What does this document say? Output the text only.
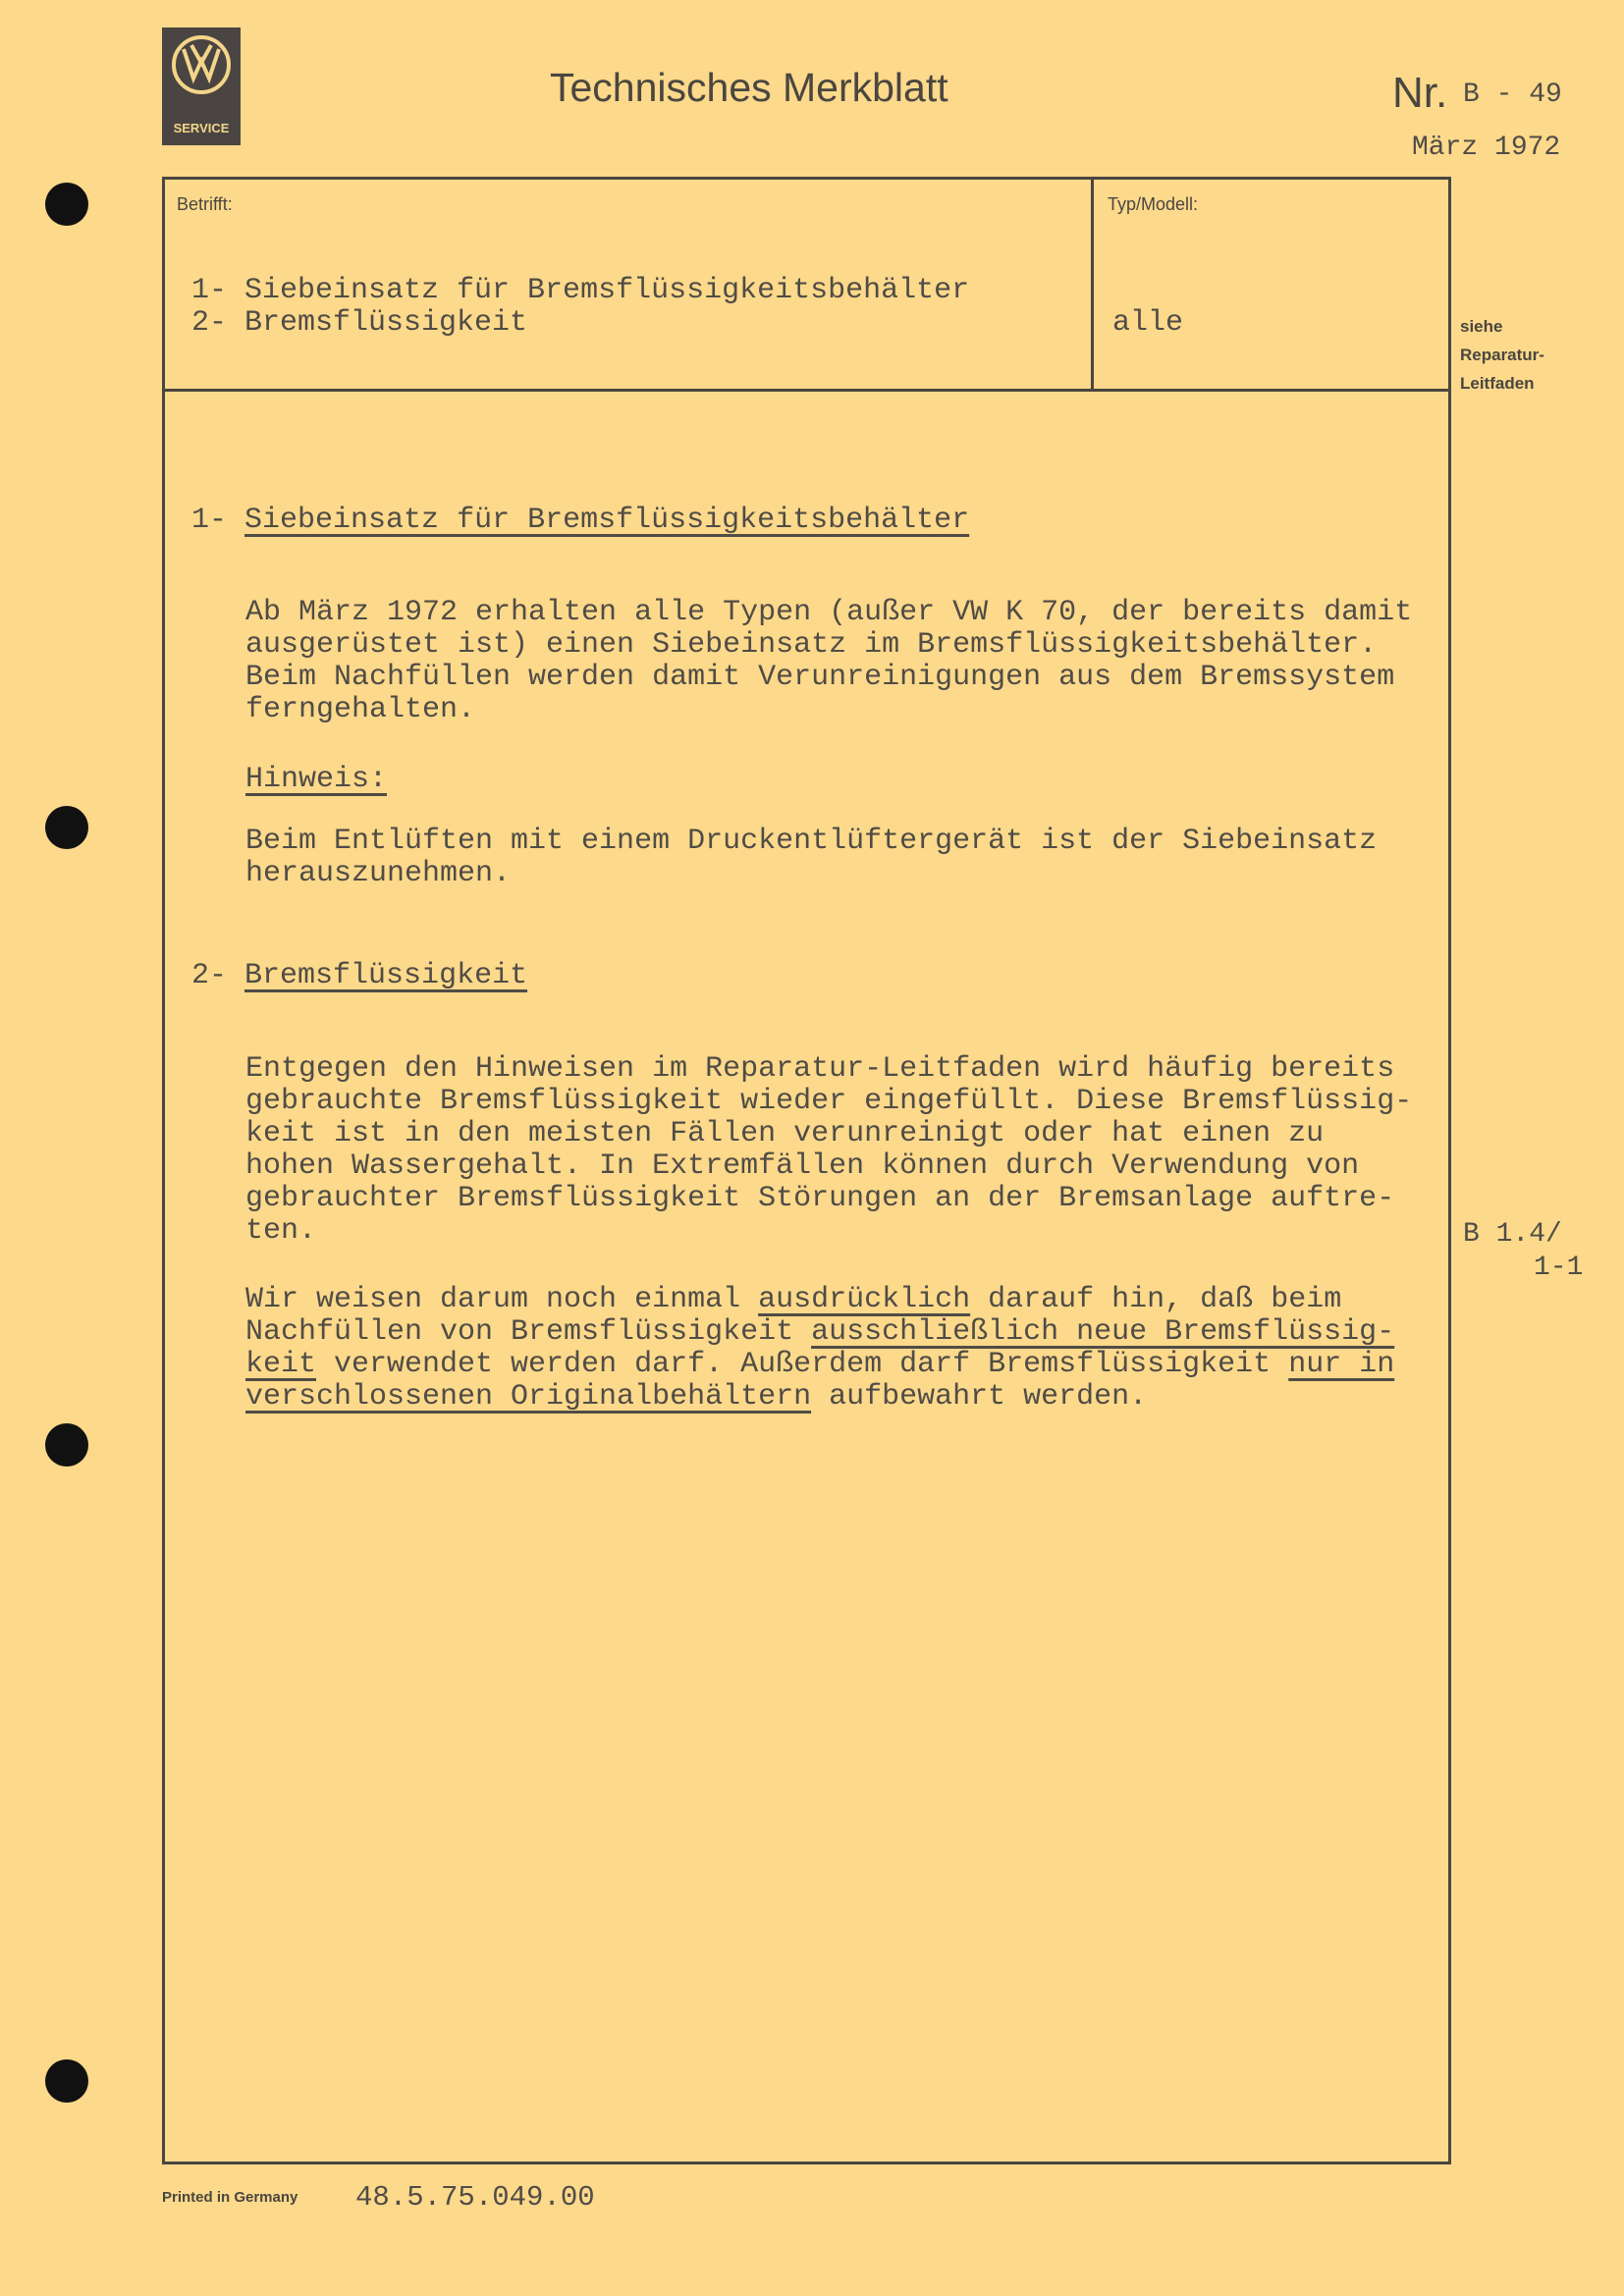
SERVICE
Technisches Merkblatt	Nr. B - 49
März 1972
Betrifft:	Typ/Modell:
1- Siebeinsatz für Bremsflüssigkeitsbehälter
2- Bremsflüssigkeit	alle	siehe
Reparatur-
Leitfaden
1- Siebeinsatz für Bremsflüssigkeitsbehälter
Ab März 1972 erhalten alle Typen (außer VW K 70, der bereits damit
ausgerüstet ist) einen Siebeinsatz im Bremsflüssigkeitsbehälter.
Beim Nachfüllen werden damit Verunreinigungen aus dem Bremssystem
ferngehalten.
Hinweis:
Beim Entlüften mit einem Druckentlüftergerät ist der Siebeinsatz
herauszunehmen.
2- Bremsflüssigkeit
Entgegen den Hinweisen im Reparatur-Leitfaden wird häufig bereits
gebrauchte Bremsflüssigkeit wieder eingefüllt. Diese Bremsflüssig-
keit ist in den meisten Fällen verunreinigt oder hat einen zu
hohen Wassergehalt. In Extremfällen können durch Verwendung von
gebrauchter Bremsflüssigkeit Störungen an der Bremsanlage auftre-
ten.
Wir weisen darum noch einmal ausdrücklich darauf hin, daß beim
Nachfüllen von Bremsflüssigkeit ausschließlich neue Bremsflüssig-
keit verwendet werden darf. Außerdem darf Bremsflüssigkeit nur in
verschlossenen Originalbehältern aufbewahrt werden.
B 1.4/
1-1
Printed in Germany 48.5.75.049.00
